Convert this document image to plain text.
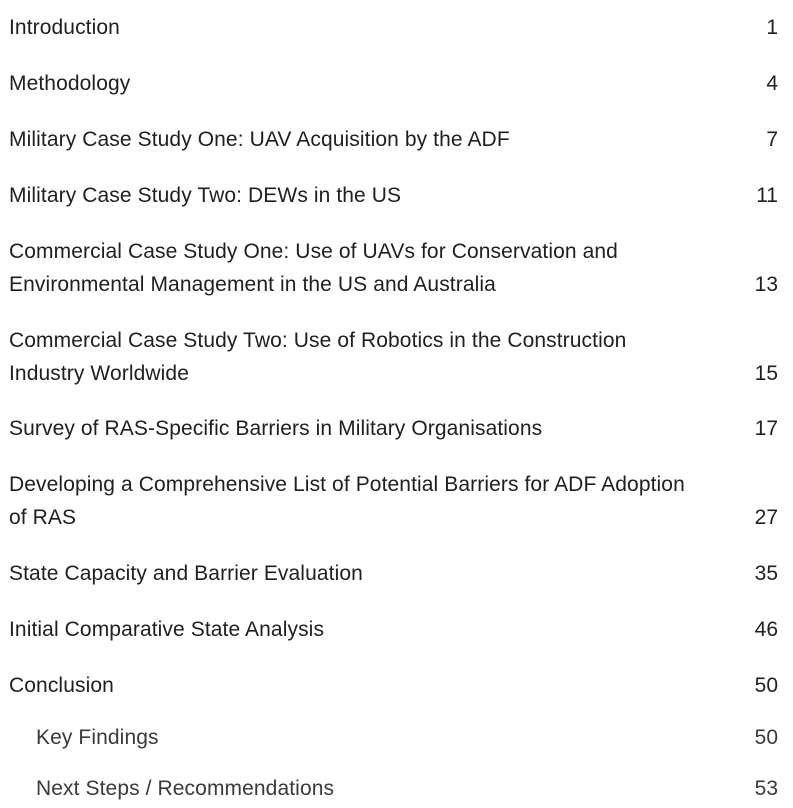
Introduction	1
Methodology	4
Military Case Study One: UAV Acquisition by the ADF	7
Military Case Study Two: DEWs in the US	11
Commercial Case Study One: Use of UAVs for Conservation and Environmental Management in the US and Australia	13
Commercial Case Study Two: Use of Robotics in the Construction Industry Worldwide	15
Survey of RAS-Specific Barriers in Military Organisations	17
Developing a Comprehensive List of Potential Barriers for ADF Adoption of RAS	27
State Capacity and Barrier Evaluation	35
Initial Comparative State Analysis	46
Conclusion	50
Key Findings	50
Next Steps / Recommendations	53
